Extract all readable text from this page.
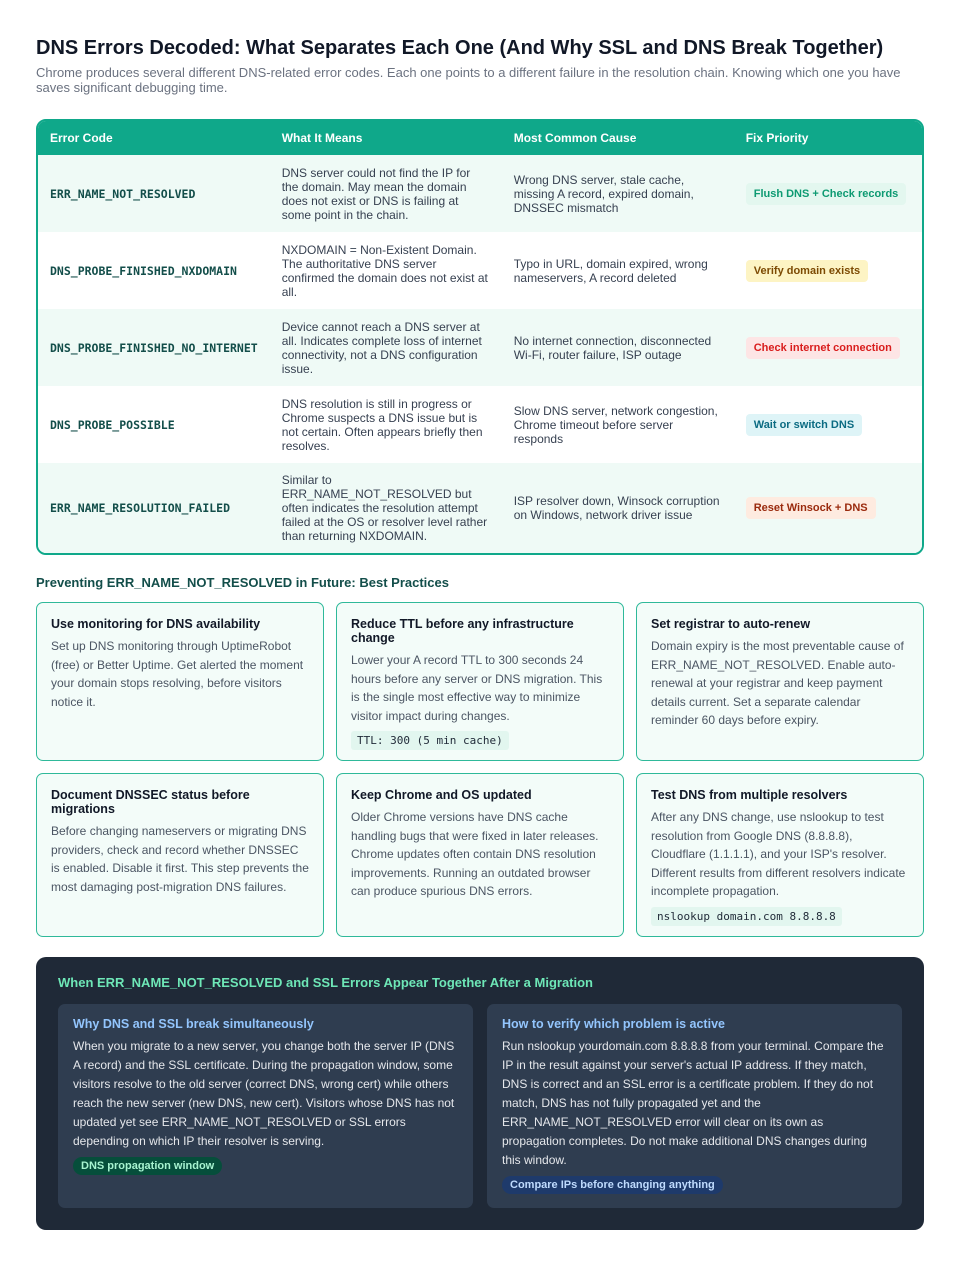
DNS Errors Decoded: What Separates Each One (And Why SSL and DNS Break Together)

Chrome produces several different DNS-related error codes. Each one points to a different failure in the resolution chain. Knowing which one you have saves significant debugging time.

Error Code	What It Means	Most Common Cause	Fix Priority
ERR_NAME_NOT_RESOLVED	DNS server could not find the IP for the domain. May mean the domain does not exist or DNS is failing at some point in the chain.	Wrong DNS server, stale cache, missing A record, expired domain, DNSSEC mismatch	Flush DNS + Check records
DNS_PROBE_FINISHED_NXDOMAIN	NXDOMAIN = Non-Existent Domain. The authoritative DNS server confirmed the domain does not exist at all.	Typo in URL, domain expired, wrong nameservers, A record deleted	Verify domain exists
DNS_PROBE_FINISHED_NO_INTERNET	Device cannot reach a DNS server at all. Indicates complete loss of internet connectivity, not a DNS configuration issue.	No internet connection, disconnected Wi-Fi, router failure, ISP outage	Check internet connection
DNS_PROBE_POSSIBLE	DNS resolution is still in progress or Chrome suspects a DNS issue but is not certain. Often appears briefly then resolves.	Slow DNS server, network congestion, Chrome timeout before server responds	Wait or switch DNS
ERR_NAME_RESOLUTION_FAILED	Similar to ERR_NAME_NOT_RESOLVED but often indicates the resolution attempt failed at the OS or resolver level rather than returning NXDOMAIN.	ISP resolver down, Winsock corruption on Windows, network driver issue	Reset Winsock + DNS
Preventing ERR_NAME_NOT_RESOLVED in Future: Best Practices
Use monitoring for DNS availability

Set up DNS monitoring through UptimeRobot (free) or Better Uptime. Get alerted the moment your domain stops resolving, before visitors notice it.

Reduce TTL before any infrastructure change

Lower your A record TTL to 300 seconds 24 hours before any server or DNS migration. This is the single most effective way to minimize visitor impact during changes.

TTL: 300 (5 min cache)
Set registrar to auto-renew

Domain expiry is the most preventable cause of ERR_NAME_NOT_RESOLVED. Enable auto-renewal at your registrar and keep payment details current. Set a separate calendar reminder 60 days before expiry.

Document DNSSEC status before migrations

Before changing nameservers or migrating DNS providers, check and record whether DNSSEC is enabled. Disable it first. This step prevents the most damaging post-migration DNS failures.

Keep Chrome and OS updated

Older Chrome versions have DNS cache handling bugs that were fixed in later releases. Chrome updates often contain DNS resolution improvements. Running an outdated browser can produce spurious DNS errors.

Test DNS from multiple resolvers

After any DNS change, use nslookup to test resolution from Google DNS (8.8.8.8), Cloudflare (1.1.1.1), and your ISP's resolver. Different results from different resolvers indicate incomplete propagation.

nslookup domain.com 8.8.8.8
When ERR_NAME_NOT_RESOLVED and SSL Errors Appear Together After a Migration
Why DNS and SSL break simultaneously

When you migrate to a new server, you change both the server IP (DNS A record) and the SSL certificate. During the propagation window, some visitors resolve to the old server (correct DNS, wrong cert) while others reach the new server (new DNS, new cert). Visitors whose DNS has not updated yet see ERR_NAME_NOT_RESOLVED or SSL errors depending on which IP their resolver is serving.

DNS propagation window
How to verify which problem is active

Run nslookup yourdomain.com 8.8.8.8 from your terminal. Compare the IP in the result against your server's actual IP address. If they match, DNS is correct and an SSL error is a certificate problem. If they do not match, DNS has not fully propagated yet and the ERR_NAME_NOT_RESOLVED error will clear on its own as propagation completes. Do not make additional DNS changes during this window.

Compare IPs before changing anything
